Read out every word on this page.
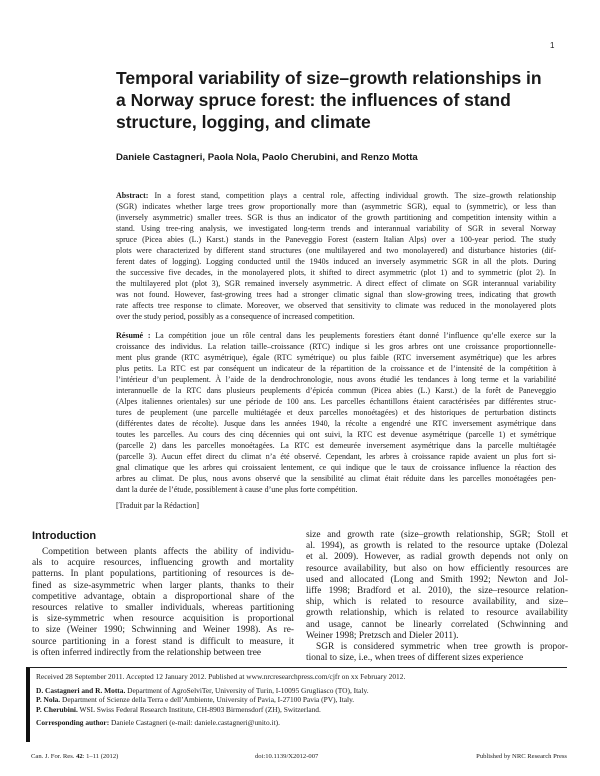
1
Temporal variability of size–growth relationships in
a Norway spruce forest: the influences of stand
structure, logging, and climate
Daniele Castagneri, Paola Nola, Paolo Cherubini, and Renzo Motta
Abstract: In a forest stand, competition plays a central role, affecting individual growth. The size–growth relationship
(SGR) indicates whether large trees grow proportionally more than (asymmetric SGR), equal to (symmetric), or less than
(inversely asymmetric) smaller trees. SGR is thus an indicator of the growth partitioning and competition intensity within a
stand. Using tree-ring analysis, we investigated long-term trends and interannual variability of SGR in several Norway
spruce (Picea abies (L.) Karst.) stands in the Paneveggio Forest (eastern Italian Alps) over a 100-year period. The study
plots were characterized by different stand structures (one multilayered and two monolayered) and disturbance histories (dif-
ferent dates of logging). Logging conducted until the 1940s induced an inversely asymmetric SGR in all the plots. During
the successive five decades, in the monolayered plots, it shifted to direct asymmetric (plot 1) and to symmetric (plot 2). In
the multilayered plot (plot 3), SGR remained inversely asymmetric. A direct effect of climate on SGR interannual variability
was not found. However, fast-growing trees had a stronger climatic signal than slow-growing trees, indicating that growth
rate affects tree response to climate. Moreover, we observed that sensitivity to climate was reduced in the monolayered plots
over the study period, possibly as a consequence of increased competition.
Résumé : La compétition joue un rôle central dans les peuplements forestiers étant donné l’influence qu’elle exerce sur la
croissance des individus. La relation taille–croissance (RTC) indique si les gros arbres ont une croissance proportionnelle-
ment plus grande (RTC asymétrique), égale (RTC symétrique) ou plus faible (RTC inversement asymétrique) que les arbres
plus petits. La RTC est par conséquent un indicateur de la répartition de la croissance et de l’intensité de la compétition à
l’intérieur d’un peuplement. À l’aide de la dendrochronologie, nous avons étudié les tendances à long terme et la variabilité
interannuelle de la RTC dans plusieurs peuplements d’épicéa commun (Picea abies (L.) Karst.) de la forêt de Paneveggio
(Alpes italiennes orientales) sur une période de 100 ans. Les parcelles échantillons étaient caractérisées par différentes struc-
tures de peuplement (une parcelle multiétagée et deux parcelles monoétagées) et des historiques de perturbation distincts
(différentes dates de récolte). Jusque dans les années 1940, la récolte a engendré une RTC inversement asymétrique dans
toutes les parcelles. Au cours des cinq décennies qui ont suivi, la RTC est devenue asymétrique (parcelle 1) et symétrique
(parcelle 2) dans les parcelles monoétagées. La RTC est demeurée inversement asymétrique dans la parcelle multiétagée
(parcelle 3). Aucun effet direct du climat n’a été observé. Cependant, les arbres à croissance rapide avaient un plus fort si-
gnal climatique que les arbres qui croissaient lentement, ce qui indique que le taux de croissance influence la réaction des
arbres au climat. De plus, nous avons observé que la sensibilité au climat était réduite dans les parcelles monoétagées pen-
dant la durée de l’étude, possiblement à cause d’une plus forte compétition.
[Traduit par la Rédaction]
Introduction
Competition between plants affects the ability of individu-
als to acquire resources, influencing growth and mortality
patterns. In plant populations, partitioning of resources is de-
fined as size-asymmetric when larger plants, thanks to their
competitive advantage, obtain a disproportional share of the
resources relative to smaller individuals, whereas partitioning
is size-symmetric when resource acquisition is proportional
to size (Weiner 1990; Schwinning and Weiner 1998). As re-
source partitioning in a forest stand is difficult to measure, it
is often inferred indirectly from the relationship between tree
size and growth rate (size–growth relationship, SGR; Stoll et
al. 1994), as growth is related to the resource uptake (Dolezal
et al. 2009). However, as radial growth depends not only on
resource availability, but also on how efficiently resources are
used and allocated (Long and Smith 1992; Newton and Jol-
liffe 1998; Bradford et al. 2010), the size–resource relation-
ship, which is related to resource availability, and size–
growth relationship, which is related to resource availability
and usage, cannot be linearly correlated (Schwinning and
Weiner 1998; Pretzsch and Dieler 2011).
SGR is considered symmetric when tree growth is propor-
tional to size, i.e., when trees of different sizes experience
Received 28 September 2011. Accepted 12 January 2012. Published at www.nrcresearchpress.com/cjfr on xx February 2012.
D. Castagneri and R. Motta. Department of AgroSelviTer, University of Turin, I-10095 Grugliasco (TO), Italy.
P. Nola. Department of Scienze della Terra e dell’Ambiente, University of Pavia, I-27100 Pavia (PV), Italy.
P. Cherubini. WSL Swiss Federal Research Institute, CH-8903 Birmensdorf (ZH), Switzerland.
Corresponding author: Daniele Castagneri (e-mail: daniele.castagneri@unito.it).
Can. J. For. Res. 42: 1–11 (2012)	doi:10.1139/X2012-007	Published by NRC Research Press
